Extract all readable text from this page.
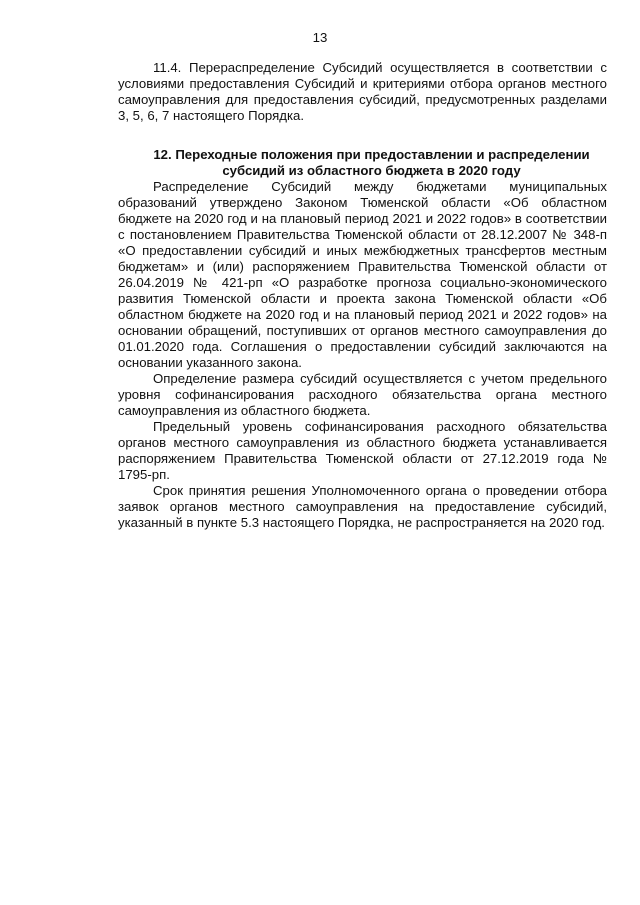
13

11.4. Перераспределение Субсидий осуществляется в соответствии с условиями предоставления Субсидий и критериями отбора органов местного самоуправления для предоставления субсидий, предусмотренных разделами 3, 5, 6, 7 настоящего Порядка.

12. Переходные положения при предоставлении и распределении субсидий из областного бюджета в 2020 году

Распределение Субсидий между бюджетами муниципальных образований утверждено Законом Тюменской области «Об областном бюджете на 2020 год и на плановый период 2021 и 2022 годов» в соответствии с постановлением Правительства Тюменской области от 28.12.2007 № 348-п «О предоставлении субсидий и иных межбюджетных трансфертов местным бюджетам» и (или) распоряжением Правительства Тюменской области от 26.04.2019 № 421-рп «О разработке прогноза социально-экономического развития Тюменской области и проекта закона Тюменской области «Об областном бюджете на 2020 год и на плановый период 2021 и 2022 годов» на основании обращений, поступивших от органов местного самоуправления до 01.01.2020 года. Соглашения о предоставлении субсидий заключаются на основании указанного закона.

Определение размера субсидий осуществляется с учетом предельного уровня софинансирования расходного обязательства органа местного самоуправления из областного бюджета.

Предельный уровень софинансирования расходного обязательства органов местного самоуправления из областного бюджета устанавливается распоряжением Правительства Тюменской области от 27.12.2019 года № 1795-рп.

Срок принятия решения Уполномоченного органа о проведении отбора заявок органов местного самоуправления на предоставление субсидий, указанный в пункте 5.3 настоящего Порядка, не распространяется на 2020 год.
